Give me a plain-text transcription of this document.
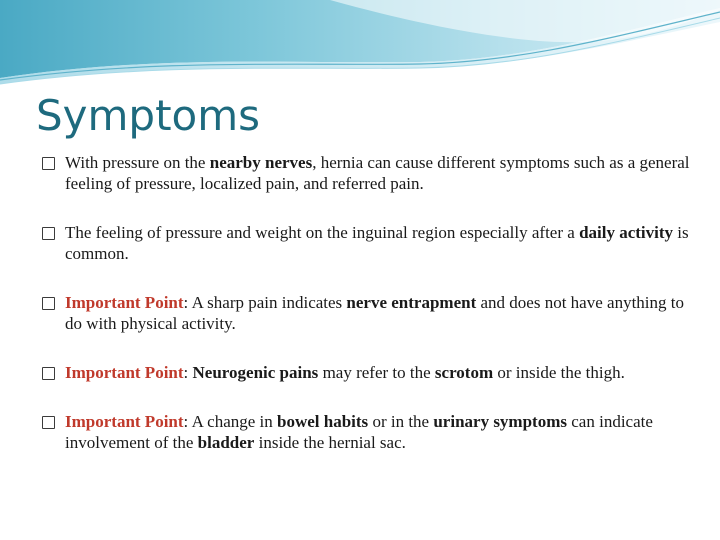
Symptoms
With pressure on the nearby nerves, hernia can cause different symptoms such as a general feeling of pressure, localized pain, and referred pain.
The feeling of pressure and weight on the inguinal region especially after a daily activity is common.
Important Point: A sharp pain indicates nerve entrapment and does not have anything to do with physical activity.
Important Point: Neurogenic pains may refer to the scrotom or inside the thigh.
Important Point: A change in bowel habits or in the urinary symptoms can indicate involvement of the bladder inside the hernial sac.
